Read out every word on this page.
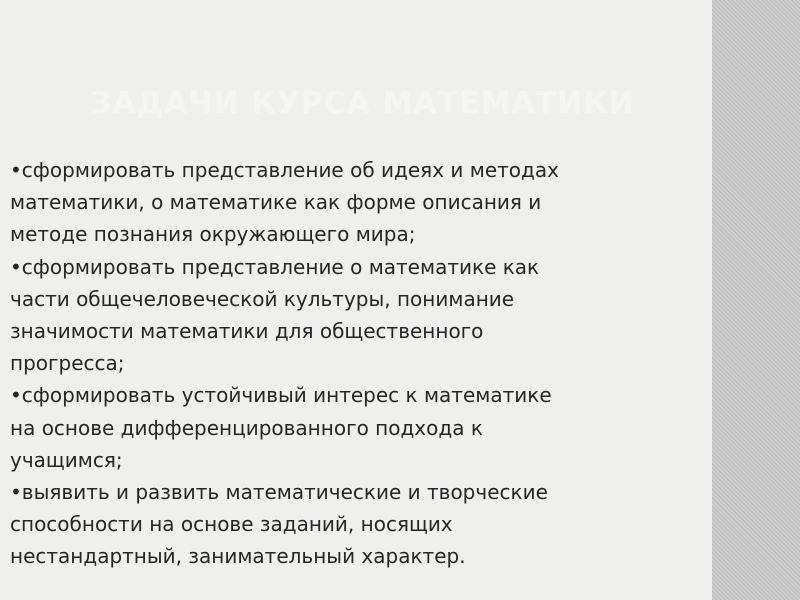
ЗАДАЧИ КУРСА МАТЕМАТИКИ
•сформировать представление об идеях и методах
математики, о математике как форме описания и
методе познания окружающего мира;
•сформировать представление о математике как
части общечеловеческой культуры, понимание
значимости математики для общественного
прогресса;
•сформировать устойчивый интерес к математике
на основе дифференцированного подхода к
учащимся;
•выявить и развить математические и творческие
способности на основе заданий, носящих
нестандартный, занимательный характер.
